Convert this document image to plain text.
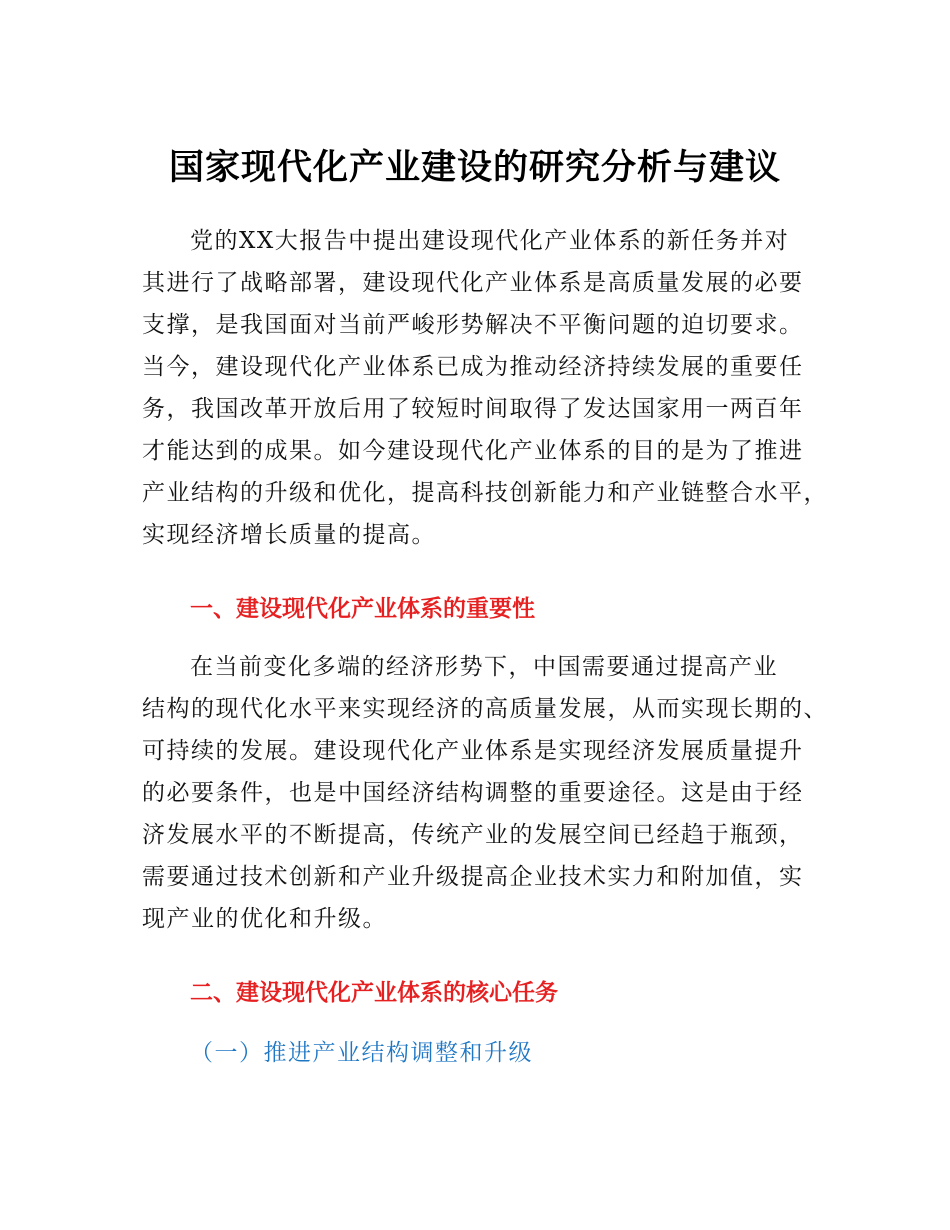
国家现代化产业建设的研究分析与建议
党的XX大报告中提出建设现代化产业体系的新任务并对
其进行了战略部署，建设现代化产业体系是高质量发展的必要
支撑，是我国面对当前严峻形势解决不平衡问题的迫切要求。
当今，建设现代化产业体系已成为推动经济持续发展的重要任
务，我国改革开放后用了较短时间取得了发达国家用一两百年
才能达到的成果。如今建设现代化产业体系的目的是为了推进
产业结构的升级和优化，提高科技创新能力和产业链整合水平，
实现经济增长质量的提高。
一、建设现代化产业体系的重要性
在当前变化多端的经济形势下，中国需要通过提高产业
结构的现代化水平来实现经济的高质量发展，从而实现长期的、
可持续的发展。建设现代化产业体系是实现经济发展质量提升
的必要条件，也是中国经济结构调整的重要途径。这是由于经
济发展水平的不断提高，传统产业的发展空间已经趋于瓶颈，
需要通过技术创新和产业升级提高企业技术实力和附加值，实
现产业的优化和升级。
二、建设现代化产业体系的核心任务
（一）推进产业结构调整和升级
